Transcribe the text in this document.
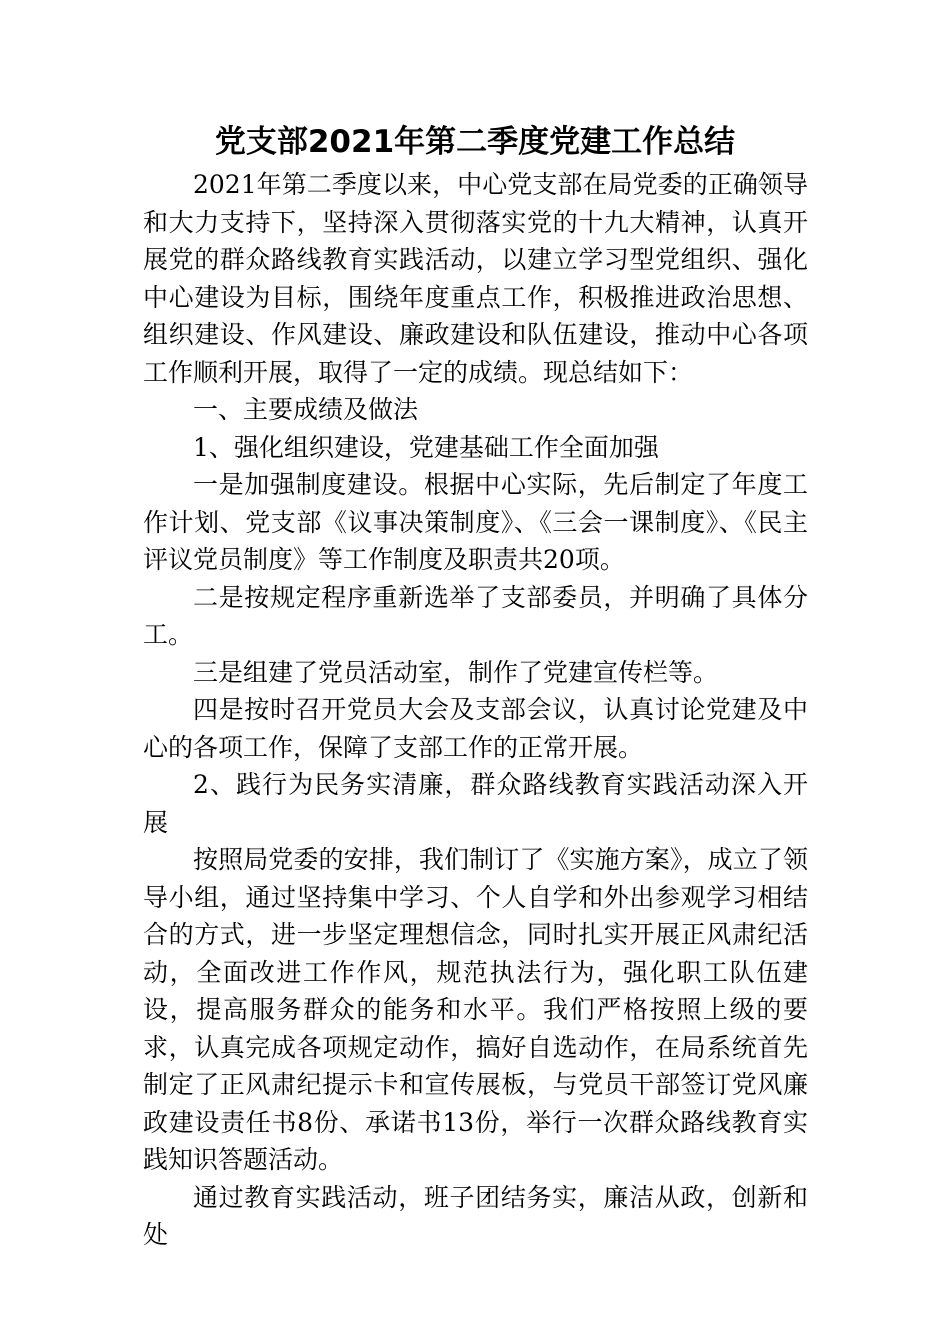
党支部2021年第二季度党建工作总结

2021年第二季度以来，中心党支部在局党委的正确领导和大力支持下，坚持深入贯彻落实党的十九大精神，认真开展党的群众路线教育实践活动，以建立学习型党组织、强化中心建设为目标，围绕年度重点工作，积极推进政治思想、组织建设、作风建设、廉政建设和队伍建设，推动中心各项工作顺利开展，取得了一定的成绩。现总结如下：

一、主要成绩及做法

1、强化组织建设，党建基础工作全面加强

一是加强制度建设。根据中心实际，先后制定了年度工作计划、党支部《议事决策制度》、《三会一课制度》、《民主评议党员制度》等工作制度及职责共20项。

二是按规定程序重新选举了支部委员，并明确了具体分工。

三是组建了党员活动室，制作了党建宣传栏等。

四是按时召开党员大会及支部会议，认真讨论党建及中心的各项工作，保障了支部工作的正常开展。

2、践行为民务实清廉，群众路线教育实践活动深入开展

按照局党委的安排，我们制订了《实施方案》，成立了领导小组，通过坚持集中学习、个人自学和外出参观学习相结合的方式，进一步坚定理想信念，同时扎实开展正风肃纪活动，全面改进工作作风，规范执法行为，强化职工队伍建设，提高服务群众的能务和水平。我们严格按照上级的要求，认真完成各项规定动作，搞好自选动作，在局系统首先制定了正风肃纪提示卡和宣传展板，与党员干部签订党风廉政建设责任书8份、承诺书13份，举行一次群众路线教育实践知识答题活动。

通过教育实践活动，班子团结务实，廉洁从政，创新和处
